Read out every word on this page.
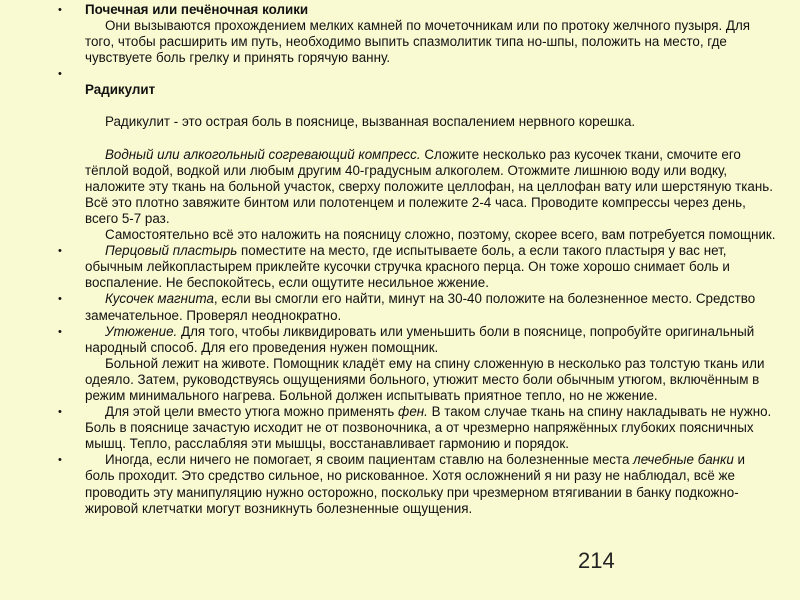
•	Почечная или печёночная колики
Они вызываются прохождением мелких камней по мочеточникам или по протоку желчного пузыря. Для того, чтобы расширить им путь, необходимо выпить спазмолитик типа но-шпы, положить на место, где чувствуете боль грелку и принять горячую ванну.
•
Радикулит
Радикулит - это острая боль в пояснице, вызванная воспалением нервного корешка.
Водный или алкогольный согревающий компресс. Сложите несколько раз кусочек ткани, смочите его тёплой водой, водкой или любым другим 40-градусным алкоголем. Отожмите лишнюю воду или водку, наложите эту ткань на больной участок, сверху положите целлофан, на целлофан вату или шерстяную ткань. Всё это плотно завяжите бинтом или полотенцем и полежите 2-4 часа. Проводите компрессы через день, всего 5-7 раз.
Самостоятельно всё это наложить на поясницу сложно, поэтому, скорее всего, вам потребуется помощник.
•	Перцовый пластырь поместите на место, где испытываете боль, а если такого пластыря у вас нет, обычным лейкопластырем приклейте кусочки стручка красного перца. Он тоже хорошо снимает боль и воспаление. Не беспокойтесь, если ощутите несильное жжение.
•	Кусочек магнита, если вы смогли его найти, минут на 30-40 положите на болезненное место. Средство замечательное. Проверял неоднократно.
•	Утюжение. Для того, чтобы ликвидировать или уменьшить боли в пояснице, попробуйте оригинальный народный способ. Для его проведения нужен помощник.
Больной лежит на животе. Помощник кладёт ему на спину сложенную в несколько раз толстую ткань или одеяло. Затем, руководствуясь ощущениями больного, утюжит место боли обычным утюгом, включённым в режим минимального нагрева. Больной должен испытывать приятное тепло, но не жжение.
•	Для этой цели вместо утюга можно применять фен. В таком случае ткань на спину накладывать не нужно. Боль в пояснице зачастую исходит не от позвоночника, а от чрезмерно напряжённых глубоких поясничных мышц. Тепло, расслабляя эти мышцы, восстанавливает гармонию и порядок.
•	Иногда, если ничего не помогает, я своим пациентам ставлю на болезненные места лечебные банки и боль проходит. Это средство сильное, но рискованное. Хотя осложнений я ни разу не наблюдал, всё же проводить эту манипуляцию нужно осторожно, поскольку при чрезмерном втягивании в банку подкожно-жировой клетчатки могут возникнуть болезненные ощущения.
214
